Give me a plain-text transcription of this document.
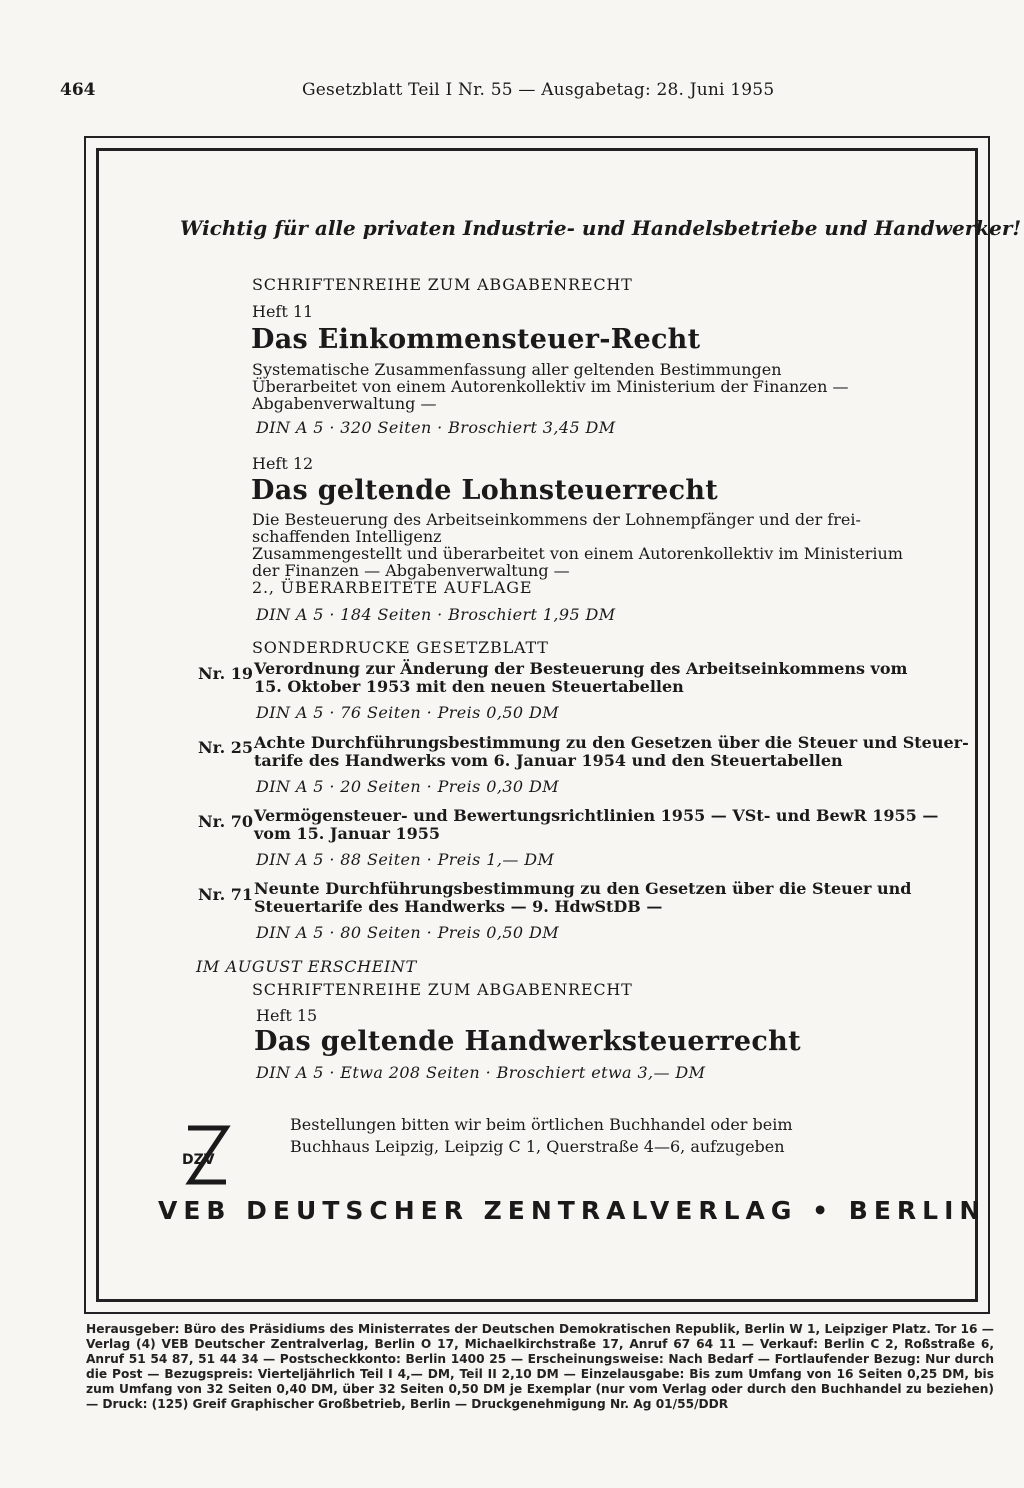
464	Gesetzblatt Teil I Nr. 55 — Ausgabetag: 28. Juni 1955
Wichtig für alle privaten Industrie- und Handelsbetriebe und Handwerker!
SCHRIFTENREIHE ZUM ABGABENRECHT
Heft 11
Das Einkommensteuer-Recht
Systematische Zusammenfassung aller geltenden Bestimmungen
Überarbeitet von einem Autorenkollektiv im Ministerium der Finanzen —
Abgabenverwaltung —
DIN A 5 · 320 Seiten · Broschiert 3,45 DM
Heft 12
Das geltende Lohnsteuerrecht
Die Besteuerung des Arbeitseinkommens der Lohnempfänger und der frei-
schaffenden Intelligenz
Zusammengestellt und überarbeitet von einem Autorenkollektiv im Ministerium
der Finanzen — Abgabenverwaltung —
2., ÜBERARBEITETE AUFLAGE
DIN A 5 · 184 Seiten · Broschiert 1,95 DM
SONDERDRUCKE GESETZBLATT
Nr. 19 Verordnung zur Änderung der Besteuerung des Arbeitseinkommens vom
15. Oktober 1953 mit den neuen Steuertabellen
DIN A 5 · 76 Seiten · Preis 0,50 DM
Nr. 25 Achte Durchführungsbestimmung zu den Gesetzen über die Steuer und Steuer-
tarife des Handwerks vom 6. Januar 1954 und den Steuertabellen
DIN A 5 · 20 Seiten · Preis 0,30 DM
Nr. 70 Vermögensteuer- und Bewertungsrichtlinien 1955 — VSt- und BewR 1955 —
vom 15. Januar 1955
DIN A 5 · 88 Seiten · Preis 1,— DM
Nr. 71 Neunte Durchführungsbestimmung zu den Gesetzen über die Steuer und
Steuertarife des Handwerks — 9. HdwStDB —
DIN A 5 · 80 Seiten · Preis 0,50 DM
IM AUGUST ERSCHEINT
SCHRIFTENREIHE ZUM ABGABENRECHT
Heft 15
Das geltende Handwerksteuerrecht
DIN A 5 · Etwa 208 Seiten · Broschiert etwa 3,— DM
Bestellungen bitten wir beim örtlichen Buchhandel oder beim
Buchhaus Leipzig, Leipzig C 1, Querstraße 4—6, aufzugeben
DZV
VEB DEUTSCHER ZENTRALVERLAG • BERLIN
Herausgeber: Büro des Präsidiums des Ministerrates der Deutschen Demokratischen Republik, Berlin W 1, Leipziger Platz. Tor 16 — Verlag (4) VEB Deutscher Zentralverlag, Berlin O 17, Michaelkirchstraße 17, Anruf 67 64 11 — Verkauf: Berlin C 2, Roßstraße 6, Anruf 51 54 87, 51 44 34 — Postscheckkonto: Berlin 1400 25 — Erscheinungsweise: Nach Bedarf — Fortlaufender Bezug: Nur durch die Post — Bezugspreis: Vierteljährlich Teil I 4,— DM, Teil II 2,10 DM — Einzelausgabe: Bis zum Umfang von 16 Seiten 0,25 DM, bis zum Umfang von 32 Seiten 0,40 DM, über 32 Seiten 0,50 DM je Exemplar (nur vom Verlag oder durch den Buchhandel zu beziehen) — Druck: (125) Greif Graphischer Großbetrieb, Berlin — Druckgenehmigung Nr. Ag 01/55/DDR
